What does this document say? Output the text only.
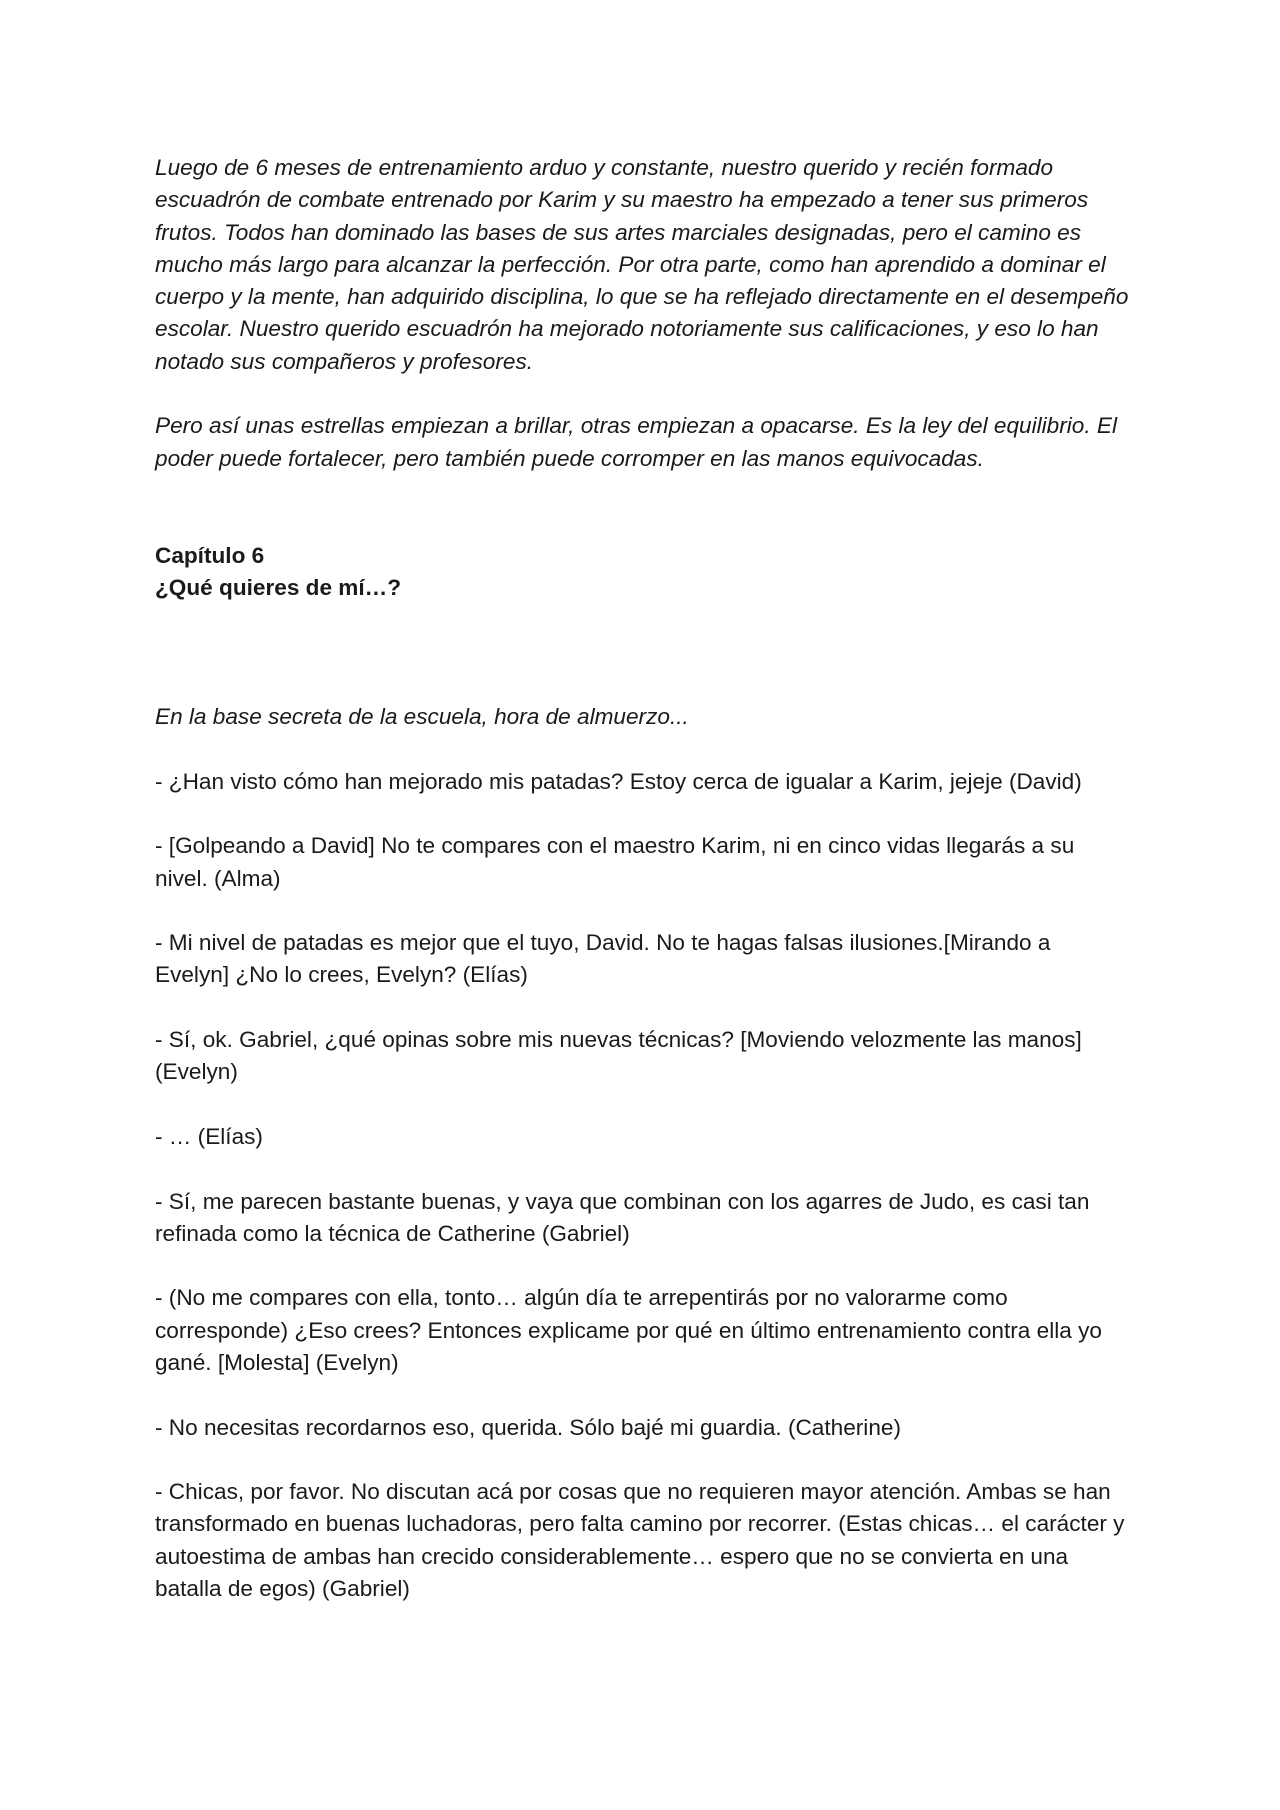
Luego de 6 meses de entrenamiento arduo y constante, nuestro querido y recién formado escuadrón de combate entrenado por Karim y su maestro ha empezado a tener sus primeros frutos. Todos han dominado las bases de sus artes marciales designadas, pero el camino es mucho más largo para alcanzar la perfección. Por otra parte, como han aprendido a dominar el cuerpo y la mente, han adquirido disciplina, lo que se ha reflejado directamente en el desempeño escolar. Nuestro querido escuadrón ha mejorado notoriamente sus calificaciones, y eso lo han notado sus compañeros y profesores.

Pero así unas estrellas empiezan a brillar, otras empiezan a opacarse. Es la ley del equilibrio. El poder puede fortalecer, pero también puede corromper en las manos equivocadas.

Capítulo 6

¿Qué quieres de mí…?

En la base secreta de la escuela, hora de almuerzo...

- ¿Han visto cómo han mejorado mis patadas? Estoy cerca de igualar a Karim, jejeje (David)

- [Golpeando a David] No te compares con el maestro Karim, ni en cinco vidas llegarás a su nivel. (Alma)

- Mi nivel de patadas es mejor que el tuyo, David. No te hagas falsas ilusiones.[Mirando a Evelyn] ¿No lo crees, Evelyn? (Elías)

- Sí, ok. Gabriel, ¿qué opinas sobre mis nuevas técnicas? [Moviendo velozmente las manos] (Evelyn)

- … (Elías)

- Sí, me parecen bastante buenas, y vaya que combinan con los agarres de Judo, es casi tan refinada como la técnica de Catherine (Gabriel)

- (No me compares con ella, tonto… algún día te arrepentirás por no valorarme como corresponde) ¿Eso crees? Entonces explicame por qué en último entrenamiento contra ella yo gané. [Molesta] (Evelyn)

- No necesitas recordarnos eso, querida. Sólo bajé mi guardia. (Catherine)

- Chicas, por favor. No discutan acá por cosas que no requieren mayor atención. Ambas se han transformado en buenas luchadoras, pero falta camino por recorrer. (Estas chicas… el carácter y autoestima de ambas han crecido considerablemente… espero que no se convierta en una batalla de egos) (Gabriel)
